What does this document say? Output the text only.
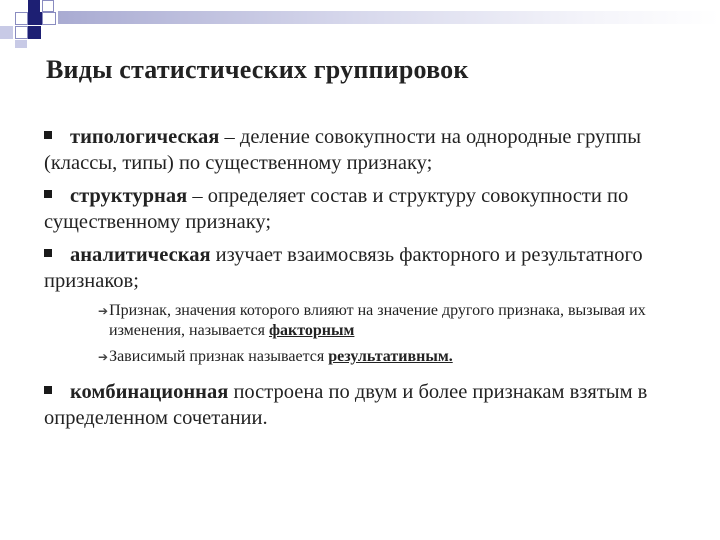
Виды статистических группировок
типологическая – деление совокупности на однородные группы (классы, типы) по существенному признаку;
структурная – определяет состав и структуру совокупности по существенному признаку;
аналитическая изучает взаимосвязь факторного и результатного признаков;
➔Признак, значения которого влияют на значение другого признака, вызывая их изменения, называется факторным
➔Зависимый признак называется результативным.
комбинационная построена по двум и более признакам взятым в определенном сочетании.
